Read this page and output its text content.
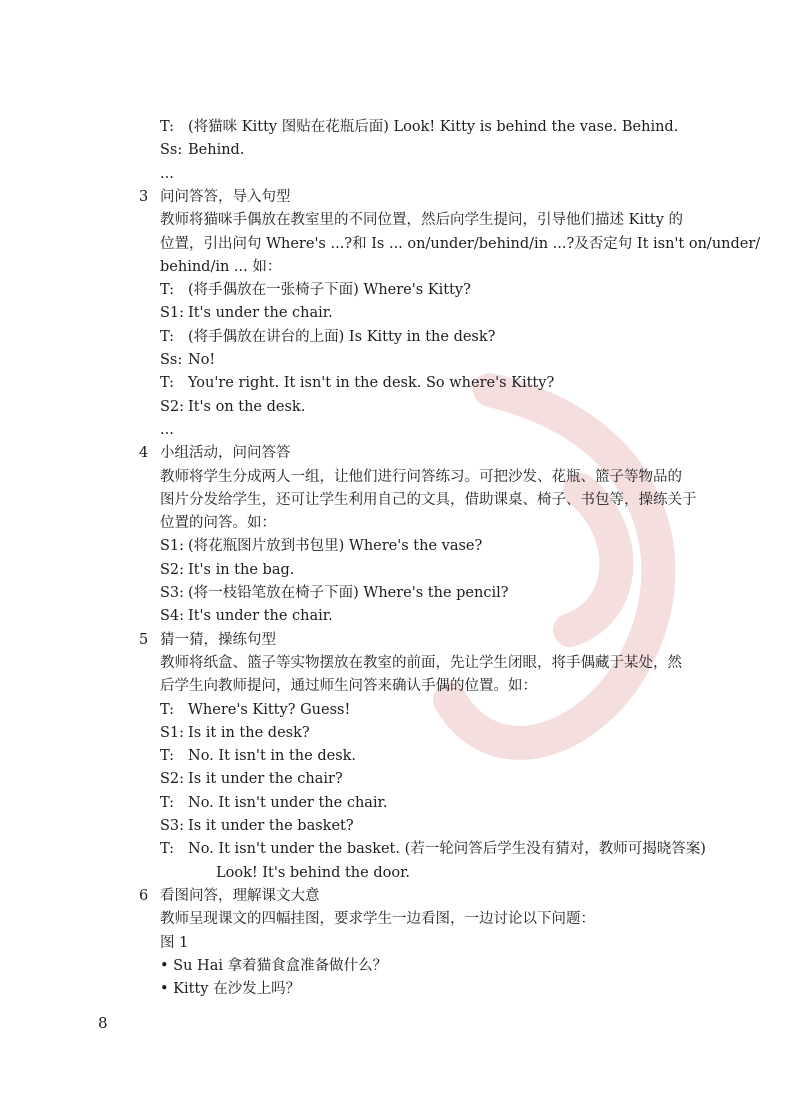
T: (将猫咪 Kitty 图贴在花瓶后面) Look! Kitty is behind the vase. Behind.
Ss: Behind.
...
3 问问答答，导入句型
教师将猫咪手偶放在教室里的不同位置，然后向学生提问，引导他们描述 Kitty 的
位置，引出问句 Where's ...?和 Is ... on/under/behind/in ...?及否定句 It isn't on/under/
behind/in ... 如：
T: (将手偶放在一张椅子下面) Where's Kitty?
S1: It's under the chair.
T: (将手偶放在讲台的上面) Is Kitty in the desk?
Ss: No!
T: You're right. It isn't in the desk. So where's Kitty?
S2: It's on the desk.
...
4 小组活动，问问答答
教师将学生分成两人一组，让他们进行问答练习。可把沙发、花瓶、篮子等物品的
图片分发给学生，还可让学生利用自己的文具，借助课桌、椅子、书包等，操练关于
位置的问答。如：
S1: (将花瓶图片放到书包里) Where's the vase?
S2: It's in the bag.
S3: (将一枝铅笔放在椅子下面) Where's the pencil?
S4: It's under the chair.
5 猜一猜，操练句型
教师将纸盒、篮子等实物摆放在教室的前面，先让学生闭眼，将手偶藏于某处，然
后学生向教师提问，通过师生问答来确认手偶的位置。如：
T: Where's Kitty? Guess!
S1: Is it in the desk?
T: No. It isn't in the desk.
S2: Is it under the chair?
T: No. It isn't under the chair.
S3: Is it under the basket?
T: No. It isn't under the basket. (若一轮问答后学生没有猜对，教师可揭晓答案)
Look! It's behind the door.
6 看图问答，理解课文大意
教师呈现课文的四幅挂图，要求学生一边看图，一边讨论以下问题：
图 1
• Su Hai 拿着猫食盒准备做什么？
• Kitty 在沙发上吗？
8
